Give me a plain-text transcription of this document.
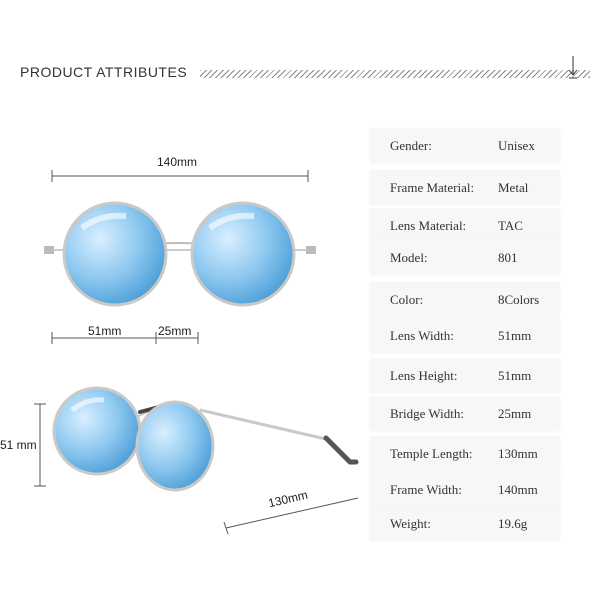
PRODUCT ATTRIBUTES
140mm
51mm	25mm
51 mm
130mm
Gender:	Unisex
Frame Material: Metal
Lens Material: TAC
Model:	801
Color:	8Colors
Lens Width:	51mm
Lens Height:	51mm
Bridge Width:	25mm
Temple Length: 130mm
Frame Width:	140mm
Weight:	19.6g
